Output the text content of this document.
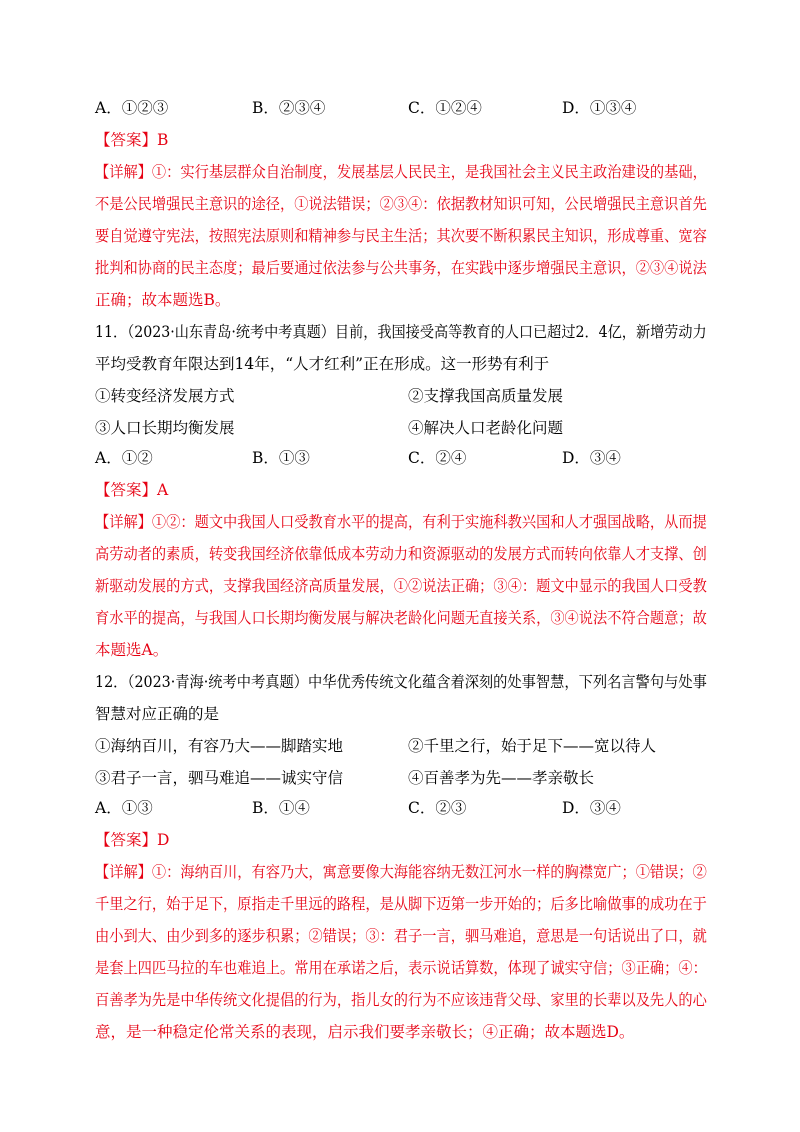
A．①②③	B．②③④	C．①②④	D．①③④
【答案】B
【详解】①：实行基层群众自治制度，发展基层人民民主，是我国社会主义民主政治建设的基础，
不是公民增强民主意识的途径，①说法错误；②③④：依据教材知识可知，公民增强民主意识首先
要自觉遵守宪法，按照宪法原则和精神参与民主生活；其次要不断积累民主知识，形成尊重、宽容
批判和协商的民主态度；最后要通过依法参与公共事务，在实践中逐步增强民主意识，②③④说法
正确；故本题选B。
11．（2023·山东青岛·统考中考真题）目前，我国接受高等教育的人口已超过2．4亿，新增劳动力
平均受教育年限达到14年，“人才红利”正在形成。这一形势有利于
①转变经济发展方式	②支撑我国高质量发展
③人口长期均衡发展	④解决人口老龄化问题
A．①②	B．①③	C．②④	D．③④
【答案】A
【详解】①②：题文中我国人口受教育水平的提高，有利于实施科教兴国和人才强国战略，从而提
高劳动者的素质，转变我国经济依靠低成本劳动力和资源驱动的发展方式而转向依靠人才支撑、创
新驱动发展的方式，支撑我国经济高质量发展，①②说法正确；③④：题文中显示的我国人口受教
育水平的提高，与我国人口长期均衡发展与解决老龄化问题无直接关系，③④说法不符合题意；故
本题选A。
12．（2023·青海·统考中考真题）中华优秀传统文化蕴含着深刻的处事智慧，下列名言警句与处事
智慧对应正确的是
①海纳百川，有容乃大——脚踏实地	②千里之行，始于足下——宽以待人
③君子一言，驷马难追——诚实守信	④百善孝为先——孝亲敬长
A．①③	B．①④	C．②③	D．③④
【答案】D
【详解】①：海纳百川，有容乃大，寓意要像大海能容纳无数江河水一样的胸襟宽广；①错误；②
千里之行，始于足下，原指走千里远的路程，是从脚下迈第一步开始的；后多比喻做事的成功在于
由小到大、由少到多的逐步积累；②错误；③：君子一言，驷马难追，意思是一句话说出了口，就
是套上四匹马拉的车也难追上。常用在承诺之后，表示说话算数，体现了诚实守信；③正确；④：
百善孝为先是中华传统文化提倡的行为，指儿女的行为不应该违背父母、家里的长辈以及先人的心
意，是一种稳定伦常关系的表现，启示我们要孝亲敬长；④正确；故本题选D。
